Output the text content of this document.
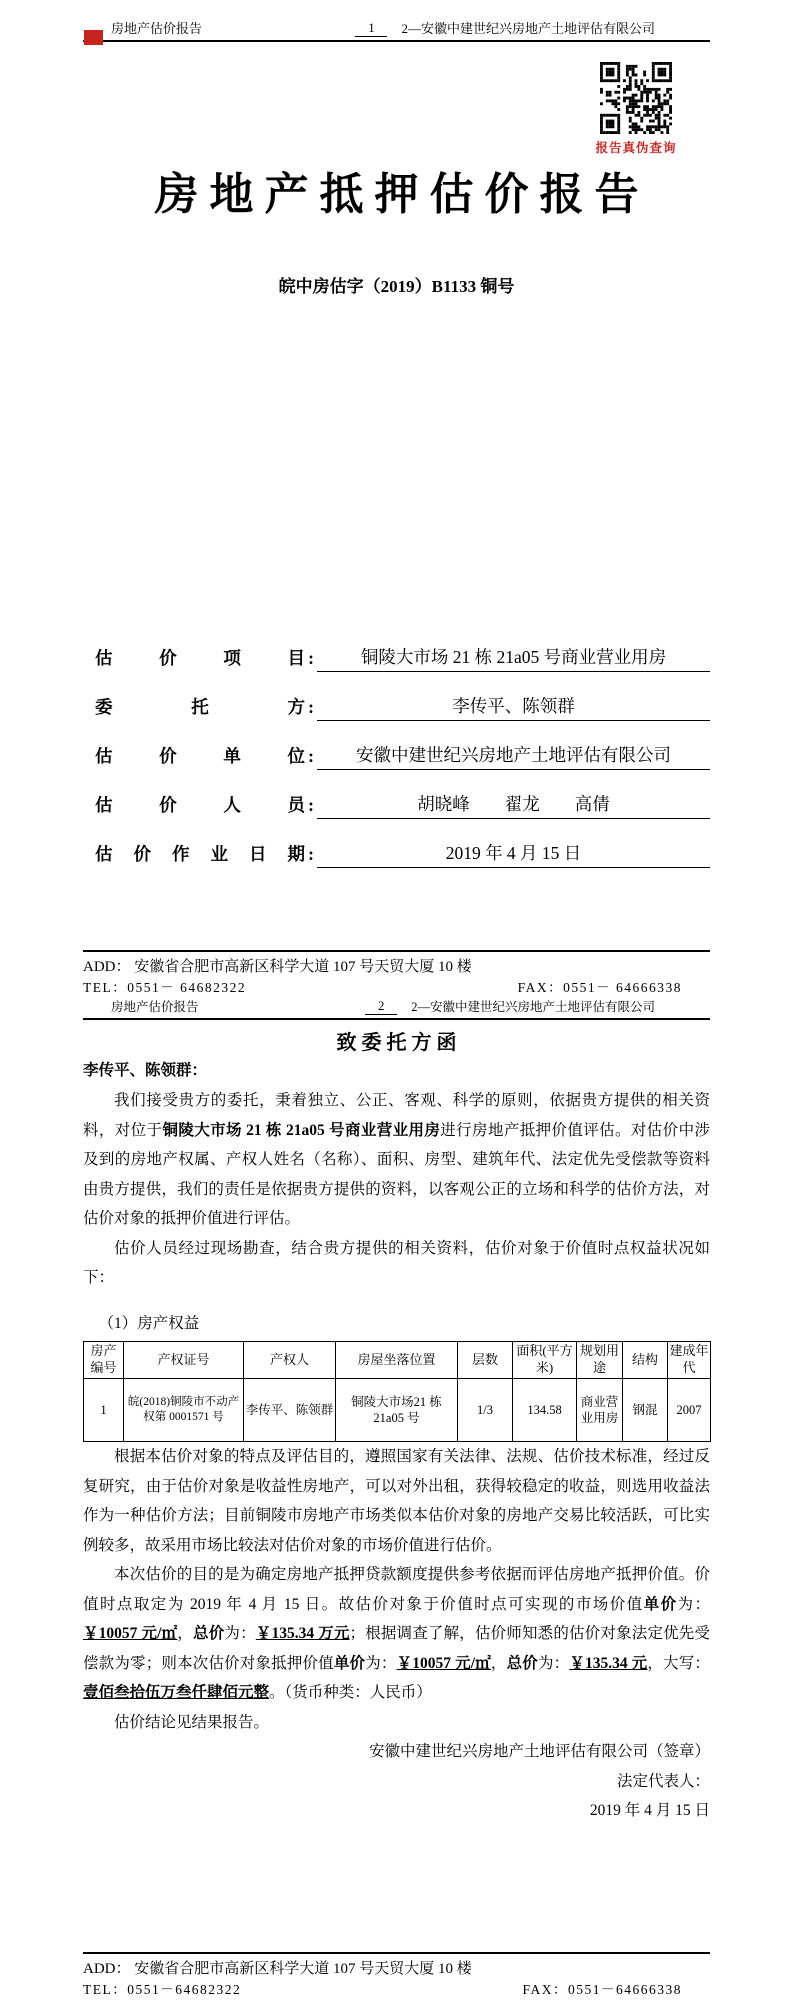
房地产估价报告	1	2—安徽中建世纪兴房地产土地评估有限公司
报告真伪查询
房 地 产 抵 押 估 价 报 告
皖中房估字（2019）B1133 铜号
估价项目 :	铜陵大市场 21 栋 21a05 号商业营业用房
委托方 :	李传平、陈领群
估价单位 :	安徽中建世纪兴房地产土地评估有限公司
估价人员 :	胡晓峰　　翟龙　　高倩
估价作业日期 :	2019 年 4 月 15 日
ADD： 安徽省合肥市高新区科学大道 107 号天贸大厦 10 楼
TEL：0551－ 64682322	FAX：0551－ 64666338
房地产估价报告	2	2—安徽中建世纪兴房地产土地评估有限公司
致 委 托 方 函
李传平、陈领群：

我们接受贵方的委托，秉着独立、公正、客观、科学的原则，依据贵方提供的相关资料，对位于铜陵大市场 21 栋 21a05 号商业营业用房进行房地产抵押价值评估。对估价中涉及到的房地产权属、产权人姓名（名称）、面积、房型、建筑年代、法定优先受偿款等资料由贵方提供，我们的责任是依据贵方提供的资料，以客观公正的立场和科学的估价方法，对估价对象的抵押价值进行评估。

估价人员经过现场勘查，结合贵方提供的相关资料，估价对象于价值时点权益状况如下：

（1）房产权益
房产编号	产权证号	产权人	房屋坐落位置	层数	面积(平方米)	规划用途	结构	建成年代
1	皖(2018)铜陵市不动产权第 0001571 号	李传平、陈领群	铜陵大市场21 栋 21a05 号	1/3	134.58	商业营业用房	钢混	2007

根据本估价对象的特点及评估目的，遵照国家有关法律、法规、估价技术标准，经过反复研究，由于估价对象是收益性房地产，可以对外出租，获得较稳定的收益，则选用收益法作为一种估价方法；目前铜陵市房地产市场类似本估价对象的房地产交易比较活跃，可比实例较多，故采用市场比较法对估价对象的市场价值进行估价。

本次估价的目的是为确定房地产抵押贷款额度提供参考依据而评估房地产抵押价值。价值时点取定为 2019 年 4 月 15 日。故估价对象于价值时点可实现的市场价值单价为：￥10057 元/㎡，总价为：￥135.34 万元；根据调查了解，估价师知悉的估价对象法定优先受偿款为零；则本次估价对象抵押价值单价为：￥10057 元/㎡，总价为：￥135.34 元，大写：壹佰叁拾伍万叁仟肆佰元整。（货币种类：人民币）

估价结论见结果报告。

安徽中建世纪兴房地产土地评估有限公司（签章）

法定代表人：

2019 年 4 月 15 日

ADD： 安徽省合肥市高新区科学大道 107 号天贸大厦 10 楼
TEL：0551－64682322	FAX：0551－64666338
